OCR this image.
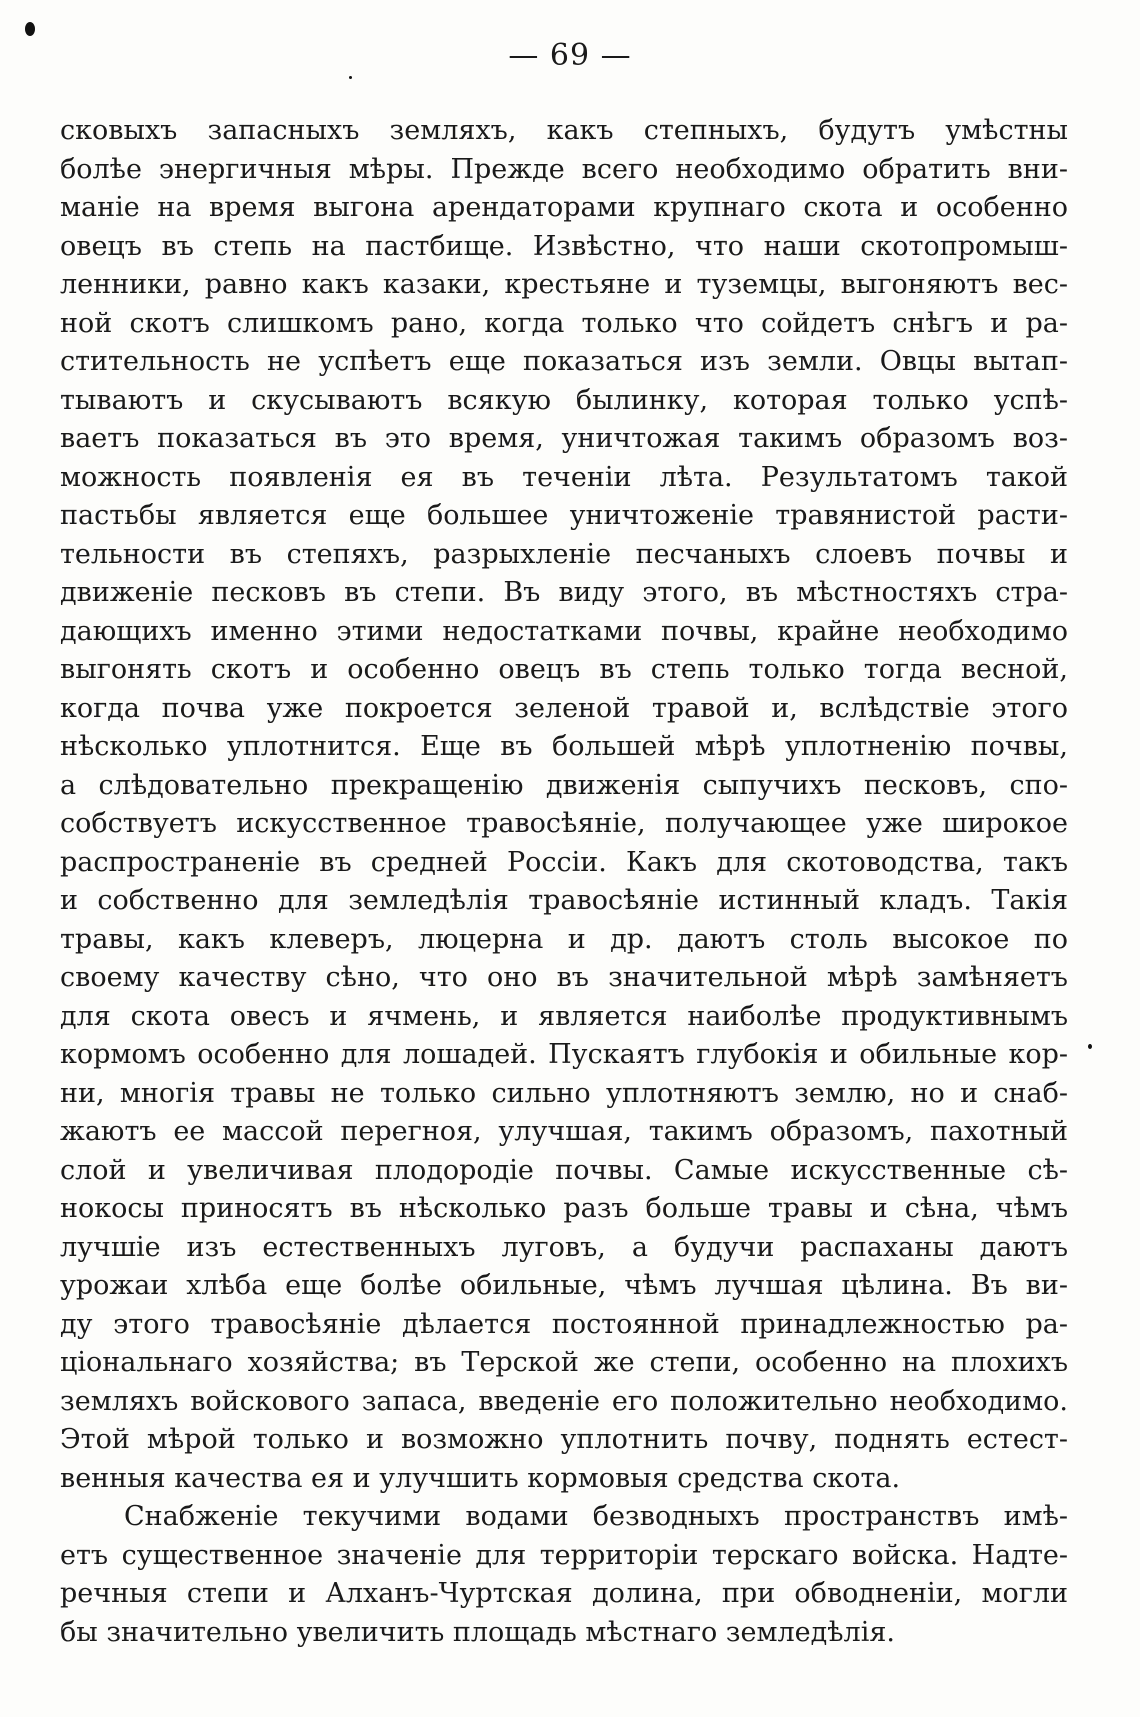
— 69 —
сковыхъ запасныхъ земляхъ, какъ степныхъ, будутъ умѣстны
болѣе энергичныя мѣры. Прежде всего необходимо обратить вни-
маніе на время выгона арендаторами крупнаго скота и особенно
овецъ въ степь на пастбище. Извѣстно, что наши скотопромыш-
ленники, равно какъ казаки, крестьяне и туземцы, выгоняютъ вес-
ной скотъ слишкомъ рано, когда только что сойдетъ снѣгъ и ра-
стительность не успѣетъ еще показаться изъ земли. Овцы вытап-
тываютъ и скусываютъ всякую былинку, которая только успѣ-
ваетъ показаться въ это время, уничтожая такимъ образомъ воз-
можность появленія ея въ теченіи лѣта. Результатомъ такой
пастьбы является еще большее уничтоженіе травянистой расти-
тельности въ степяхъ, разрыхленіе песчаныхъ слоевъ почвы и
движеніе песковъ въ степи. Въ виду этого, въ мѣстностяхъ стра-
дающихъ именно этими недостатками почвы, крайне необходимо
выгонять скотъ и особенно овецъ въ степь только тогда весной,
когда почва уже покроется зеленой травой и, вслѣдствіе этого
нѣсколько уплотнится. Еще въ большей мѣрѣ уплотненію почвы,
а слѣдовательно прекращенію движенія сыпучихъ песковъ, спо-
собствуетъ искусственное травосѣяніе, получающее уже широкое
распространеніе въ средней Россіи. Какъ для скотоводства, такъ
и собственно для земледѣлія травосѣяніе истинный кладъ. Такія
травы, какъ клеверъ, люцерна и др. даютъ столь высокое по
своему качеству сѣно, что оно въ значительной мѣрѣ замѣняетъ
для скота овесъ и ячмень, и является наиболѣе продуктивнымъ
кормомъ особенно для лошадей. Пускаятъ глубокія и обильные кор-
ни, многія травы не только сильно уплотняютъ землю, но и снаб-
жаютъ ее массой перегноя, улучшая, такимъ образомъ, пахотный
слой и увеличивая плодородіе почвы. Самые искусственные сѣ-
нокосы приносятъ въ нѣсколько разъ больше травы и сѣна, чѣмъ
лучшіе изъ естественныхъ луговъ, а будучи распаханы даютъ
урожаи хлѣба еще болѣе обильные, чѣмъ лучшая цѣлина. Въ ви-
ду этого травосѣяніе дѣлается постоянной принадлежностью ра-
ціональнаго хозяйства; въ Терской же степи, особенно на плохихъ
земляхъ войскового запаса, введеніе его положительно необходимо.
Этой мѣрой только и возможно уплотнить почву, поднять естест-
венныя качества ея и улучшить кормовыя средства скота.
Снабженіе текучими водами безводныхъ пространствъ имѣ-
етъ существенное значеніе для территоріи терскаго войска. Надте-
речныя степи и Алханъ-Чуртская долина, при обводненіи, могли
бы значительно увеличить площадь мѣстнаго земледѣлія.
